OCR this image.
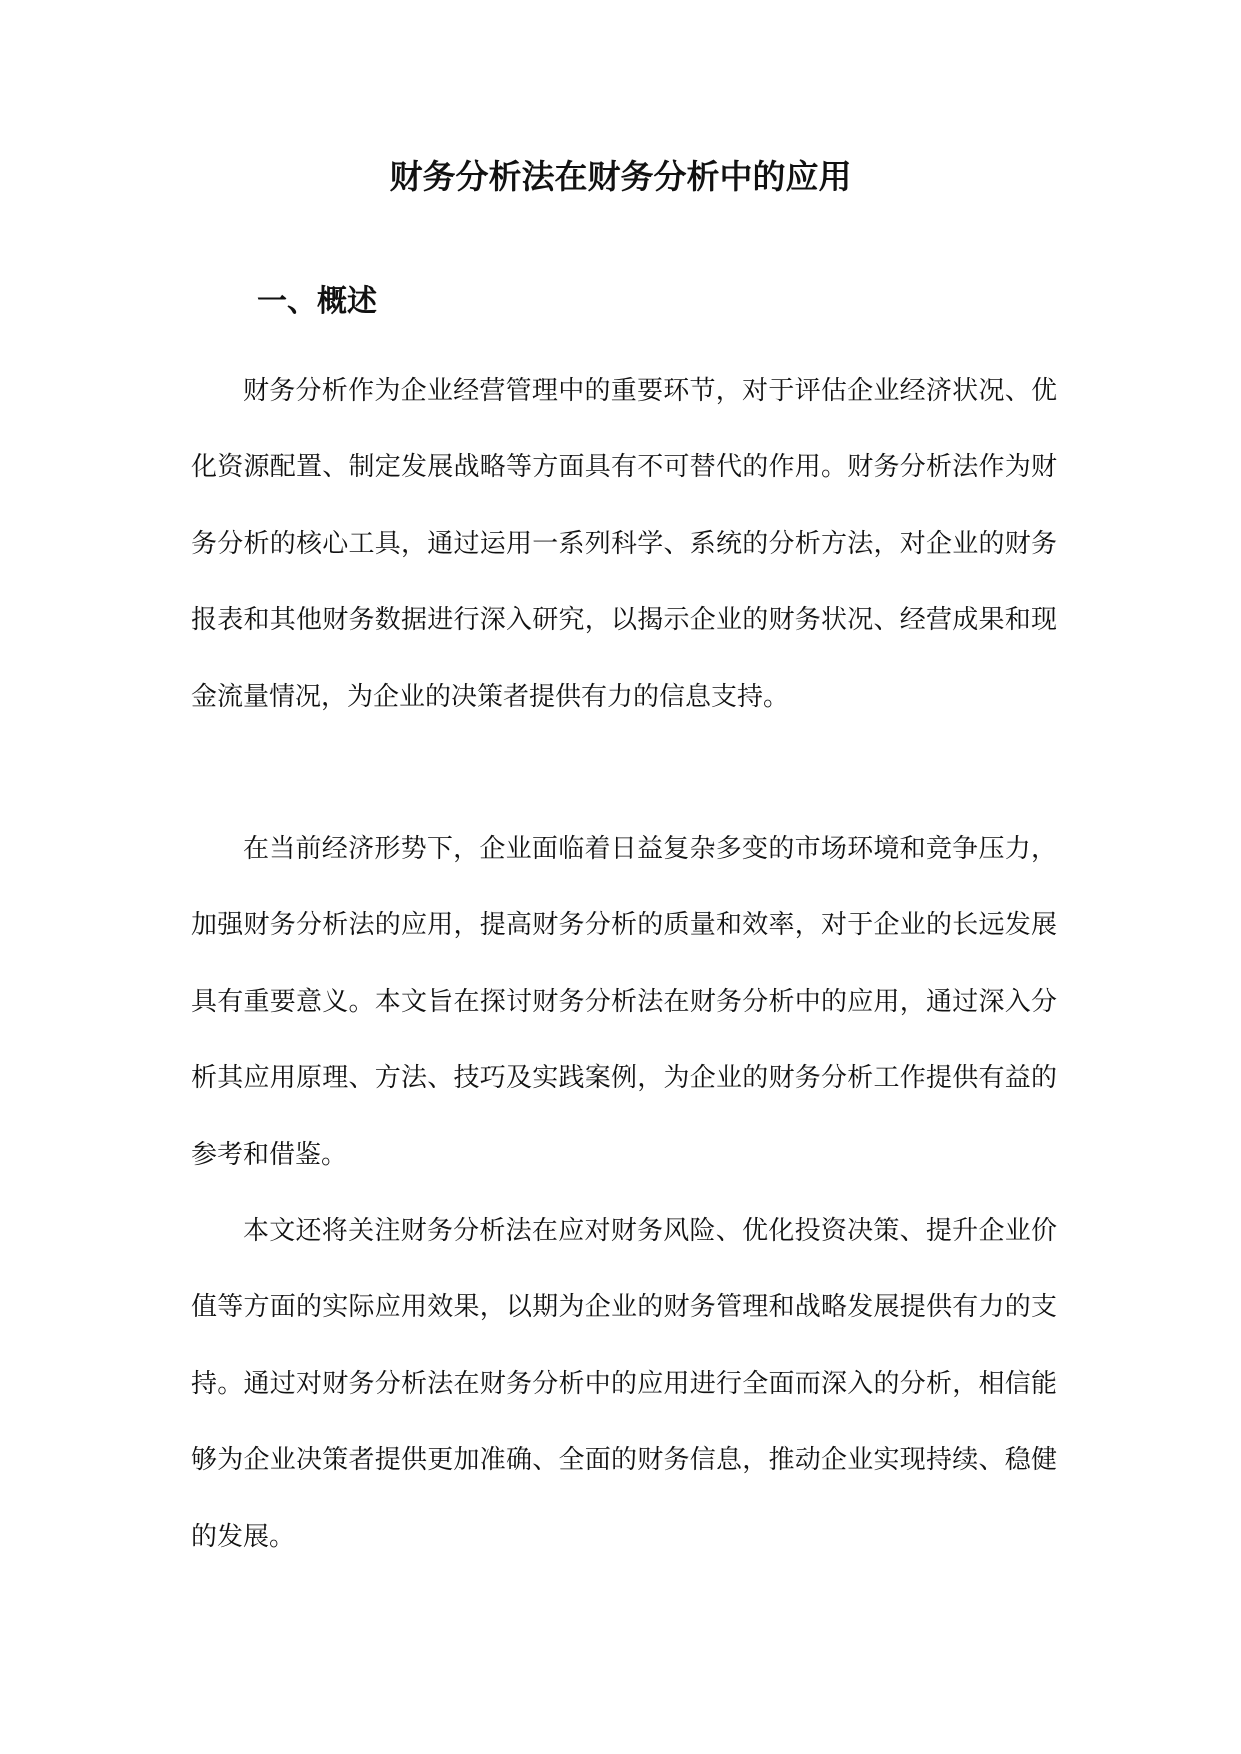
财务分析法在财务分析中的应用
一、概述

财务分析作为企业经营管理中的重要环节，对于评估企业经济状况、优化资源配置、制定发展战略等方面具有不可替代的作用。财务分析法作为财务分析的核心工具，通过运用一系列科学、系统的分析方法，对企业的财务报表和其他财务数据进行深入研究，以揭示企业的财务状况、经营成果和现金流量情况，为企业的决策者提供有力的信息支持。

在当前经济形势下，企业面临着日益复杂多变的市场环境和竞争压力，加强财务分析法的应用，提高财务分析的质量和效率，对于企业的长远发展具有重要意义。本文旨在探讨财务分析法在财务分析中的应用，通过深入分析其应用原理、方法、技巧及实践案例，为企业的财务分析工作提供有益的参考和借鉴。

本文还将关注财务分析法在应对财务风险、优化投资决策、提升企业价值等方面的实际应用效果，以期为企业的财务管理和战略发展提供有力的支持。通过对财务分析法在财务分析中的应用进行全面而深入的分析，相信能够为企业决策者提供更加准确、全面的财务信息，推动企业实现持续、稳健的发展。
